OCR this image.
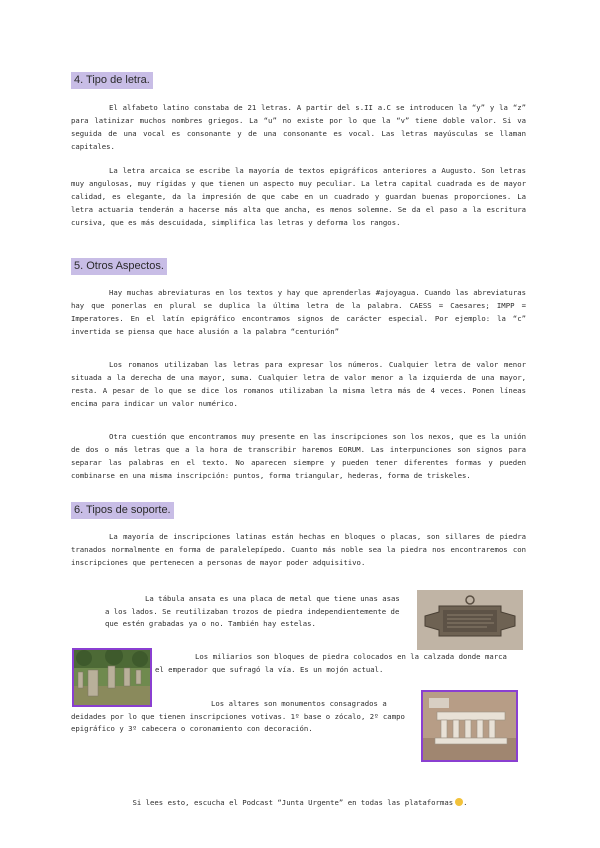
4. Tipo de letra.
El alfabeto latino constaba de 21 letras. A partir del s.II a.C se introducen la “y” y la “z” para latinizar muchos nombres griegos. La “u” no existe por lo que la “v” tiene doble valor. Si va seguida de una vocal es consonante y de una consonante es vocal. Las letras mayúsculas se llaman capitales.
La letra arcaica se escribe la mayoría de textos epigráficos anteriores a Augusto. Son letras muy angulosas, muy rígidas y que tienen un aspecto muy peculiar. La letra capital cuadrada es de mayor calidad, es elegante, da la impresión de que cabe en un cuadrado y guardan buenas proporciones. La letra actuaria tenderán a hacerse más alta que ancha, es menos solemne. Se da el paso a la escritura cursiva, que es más descuidada, simplifica las letras y deforma los rangos.
5. Otros Aspectos.
Hay muchas abreviaturas en los textos y hay que aprenderlas #ajoyagua. Cuando las abreviaturas hay que ponerlas en plural se duplica la última letra de la palabra. CAESS = Caesares; IMPP = Imperatores. En el latín epigráfico encontramos signos de carácter especial. Por ejemplo: la “c” invertida se piensa que hace alusión a la palabra “centurión”
Los romanos utilizaban las letras para expresar los números. Cualquier letra de valor menor situada a la derecha de una mayor, suma. Cualquier letra de valor menor a la izquierda de una mayor, resta. A pesar de lo que se dice los romanos utilizaban la misma letra más de 4 veces. Ponen líneas encima para indicar un valor numérico.
Otra cuestión que encontramos muy presente en las inscripciones son los nexos, que es la unión de dos o más letras que a la hora de transcribir haremos EORUM. Las interpunciones son signos para separar las palabras en el texto. No aparecen siempre y pueden tener diferentes formas y pueden combinarse en una misma inscripción: puntos, forma triangular, hederas, forma de triskeles.
6. Tipos de soporte.
La mayoría de inscripciones latinas están hechas en bloques o placas, son sillares de piedra tranados normalmente en forma de paralelepípedo. Cuanto más noble sea la piedra nos encontraremos con inscripciones que pertenecen a personas de mayor poder adquisitivo.
La tábula ansata es una placa de metal que tiene unas asas a los lados. Se reutilizaban trozos de piedra independientemente de que estén grabadas ya o no. También hay estelas.
Los miliarios son bloques de piedra colocados en la calzada donde marca el emperador que sufragó la vía. Es un mojón actual.
Los altares son monumentos consagrados a deidades por lo que tienen inscripciones votivas. 1º base o zócalo, 2º campo epigráfico y 3º cabecera o coronamiento con decoración.
Si lees esto, escucha el Podcast “Junta Urgente” en todas las plataformas .
